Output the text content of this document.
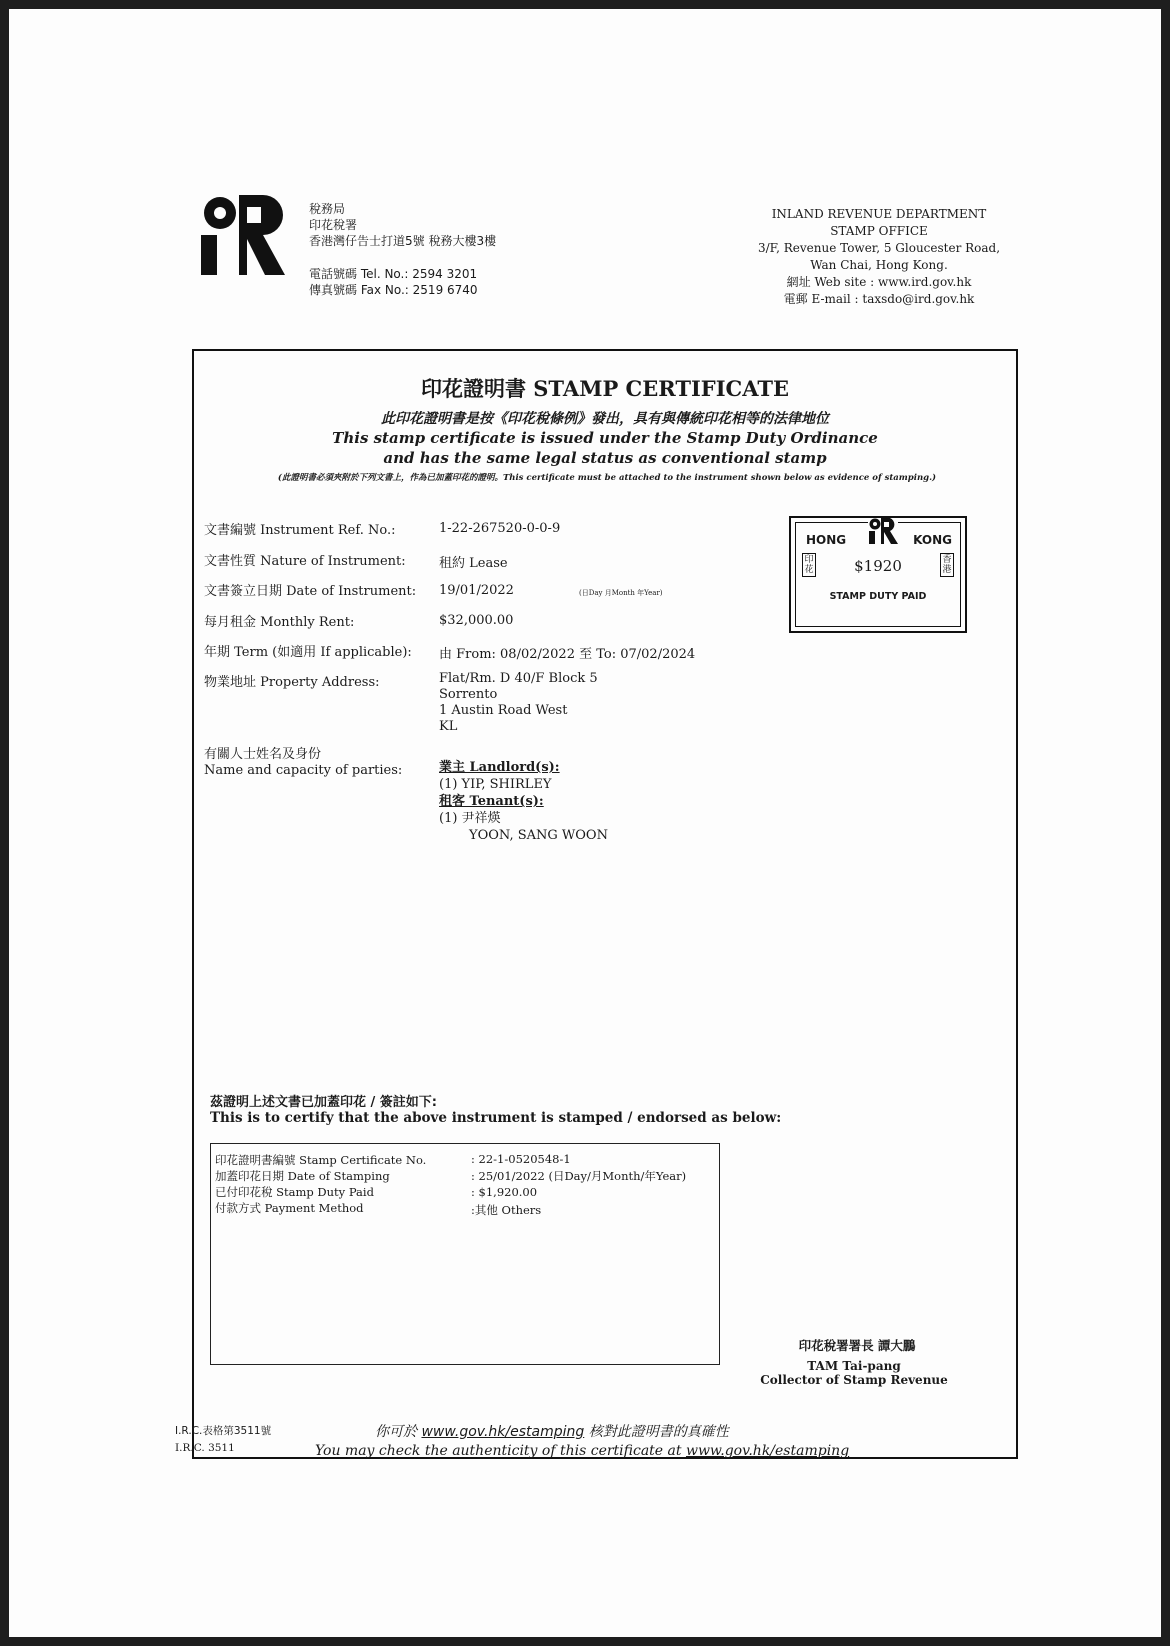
稅務局
印花稅署
香港灣仔告士打道5號 稅務大樓3樓
電話號碼 Tel. No.: 2594 3201
傳真號碼 Fax No.: 2519 6740
INLAND REVENUE DEPARTMENT
STAMP OFFICE
3/F, Revenue Tower, 5 Gloucester Road,
Wan Chai, Hong Kong.
網址 Web site : www.ird.gov.hk
電郵 E-mail : taxsdo@ird.gov.hk
印花證明書 STAMP CERTIFICATE
此印花證明書是按《印花稅條例》發出，具有與傳統印花相等的法律地位
This stamp certificate is issued under the Stamp Duty Ordinance
and has the same legal status as conventional stamp
(此證明書必須夾附於下列文書上，作為已加蓋印花的證明。This certificate must be attached to the instrument shown below as evidence of stamping.)
文書編號 Instrument Ref. No.:	1-22-267520-0-0-9
文書性質 Nature of Instrument:	租約 Lease
文書簽立日期 Date of Instrument: 19/01/2022	(日Day 月Month 年Year)
每月租金 Monthly Rent:	$32,000.00
年期 Term (如適用 If applicable): 由 From: 08/02/2022 至 To: 07/02/2024
物業地址 Property Address:	Flat/Rm. D 40/F Block 5
Sorrento
1 Austin Road West
KL
有關人士姓名及身份
Name and capacity of parties:	業主 Landlord(s):
(1) YIP, SHIRLEY
租客 Tenant(s):
(1) 尹祥煐
YOON, SANG WOON
HONG	KONG
印花
香港
$1920
STAMP DUTY PAID
茲證明上述文書已加蓋印花 / 簽註如下:
This is to certify that the above instrument is stamped / endorsed as below:
印花證明書編號 Stamp Certificate No.	: 22-1-0520548-1
加蓋印花日期 Date of Stamping	: 25/01/2022 (日Day/月Month/年Year)
已付印花稅 Stamp Duty Paid	: $1,920.00
付款方式 Payment Method	:其他 Others
印花稅署署長 譚大鵬
TAM Tai-pang
Collector of Stamp Revenue
I.R.C.表格第3511號
I.R.C. 3511
你可於 www.gov.hk/estamping 核對此證明書的真確性
You may check the authenticity of this certificate at www.gov.hk/estamping
